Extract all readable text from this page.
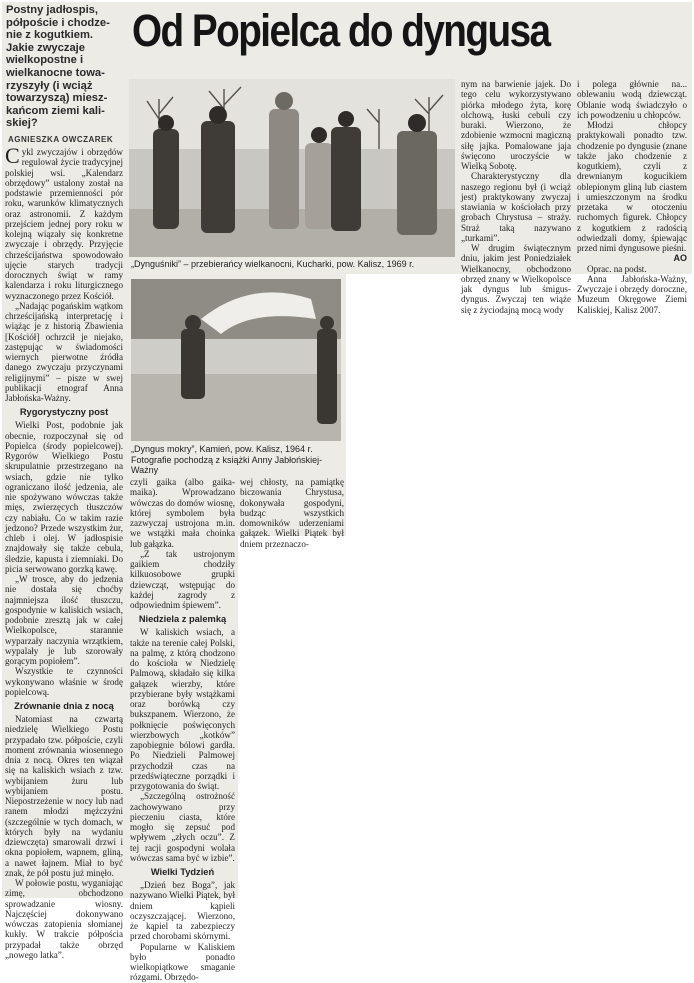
Od Popielca do dyngusa
Postny jadłospis,
półpoście i chodze-
nie z kogutkiem.
Jakie zwyczaje
wielkopostne i
wielkanocne towa-
rzyszyły (i wciąż
towarzyszą) miesz-
kańcom ziemi kali-
skiej?
AGNIESZKA OWCZAREK

Cykl zwyczajów i obrzędów regulował życie tradycyjnej polskiej wsi. „Kalendarz obrzędowy” ustalony został na podstawie przemienności pór roku, warunków klimatycznych oraz astronomii. Z każdym przejściem jednej pory roku w kolejną wiązały się konkretne zwyczaje i obrzędy. Przyjęcie chrześcijaństwa spowodowało ujęcie starych tradycji dorocznych świąt w ramy kalendarza i roku liturgicznego wyznaczonego przez Kościół.

„Nadając pogańskim wątkom chrześcijańską interpretację i wiążąc je z historią Zbawienia [Kościół] ochrzcił je niejako, zastępując w świadomości wiernych pierwotne źródła danego zwyczaju przyczynami religijnymi” – pisze w swej publikacji etnograf Anna Jabłońska-Ważny.

Rygorystyczny post

Wielki Post, podobnie jak obecnie, rozpoczynał się od Popielca (środy popielcowej). Rygorów Wielkiego Postu skrupulatnie przestrzegano na wsiach, gdzie nie tylko ograniczano ilość jedzenia, ale nie spożywano wówczas także mięs, zwierzęcych tłuszczów czy nabiału. Co w takim razie jedzono? Przede wszystkim żur, chleb i olej. W jadłospisie znajdowały się także cebula, śledzie, kapusta i ziemniaki. Do picia serwowano gorzką kawę.

„W trosce, aby do jedzenia nie dostała się choćby najmniejsza ilość tłuszczu, gospodynie w kaliskich wsiach, podobnie zresztą jak w całej Wielkopolsce, starannie wyparzały naczynia wrzątkiem, wypalały je lub szorowały gorącym popiołem”.

Wszystkie te czynności wykonywano właśnie w środę popielcową.

Zrównanie dnia z nocą

Natomiast na czwartą niedzielę Wielkiego Postu przypadało tzw. półpoście, czyli moment zrównania wiosennego dnia z nocą. Okres ten wiązał się na kaliskich wsiach z tzw. wybijaniem żuru lub wybijaniem postu. Niepostrzeżenie w nocy lub nad ranem młodzi mężczyźni (szczególnie w tych domach, w których były na wydaniu dziewczęta) smarowali drzwi i okna popiołem, wapnem, gliną, a nawet łajnem. Miał to być znak, że pół postu już minęło.

W połowie postu, wyganiając zimę, obchodzono sprowadzanie wiosny. Najczęściej dokonywano wówczas zatopienia słomianej kukły. W trakcie półpościa przypadał także obrzęd „nowego latka”.

„Dynguśniki” – przebierańcy wielkanocni, Kucharki, pow. Kalisz, 1969 r.

nym na barwienie jajek. Do tego celu wykorzystywano piórka młodego żyta, korę olchową, łuski cebuli czy buraki. Wierzono, że zdobienie wzmocni magiczną siłę jajka. Pomalowane jaja święcono uroczyście w Wielką Sobotę.

Charakterystyczny dla naszego regionu był (i wciąż jest) praktykowany zwyczaj stawiania w kościołach przy grobach Chrystusa – straży. Straż taką nazywano „turkami”.

W drugim świątecznym dniu, jakim jest Poniedziałek Wielkanocny, obchodzono obrzęd znany w Wielkopolsce jak dyngus lub śmigus-dyngus. Zwyczaj ten wiąże się z życiodajną mocą wody

i polega głównie na... oblewaniu wodą dziewcząt. Oblanie wodą świadczyło o ich powodzeniu u chłopców.

Młodzi chłopcy praktykowali ponadto tzw. chodzenie po dyngusie (znane także jako chodzenie z kogutkiem), czyli z drewnianym kogucikiem oblepionym gliną lub ciastem i umieszczonym na środku przetaka w otoczeniu ruchomych figurek. Chłopcy z kogutkiem z radością odwiedzali domy, śpiewając przed nimi dyngusowe pieśni.

AO

Oprac. na podst.

Anna Jabłońska-Ważny, Zwyczaje i obrzędy doroczne, Muzeum Okręgowe Ziemi Kaliskiej, Kalisz 2007.

„Dyngus mokry”, Kamień, pow. Kalisz, 1964 r. Fotografie pochodzą z książki Anny Jabłońskiej-Ważny

czyli gaika (albo gaika-maika). Wprowadzano wówczas do domów wiosnę, której symbolem była zazwyczaj ustrojona m.in. we wstążki mała choinka lub gałązka.

„Z tak ustrojonym gaikiem chodziły kilkuosobowe grupki dziewcząt, wstępując do każdej zagrody z odpowiednim śpiewem”.

Niedziela z palemką

W kaliskich wsiach, a także na terenie całej Polski, na palmę, z którą chodzono do kościoła w Niedzielę Palmową, składało się kilka gałązek wierzby, które przybierane były wstążkami oraz borówką czy bukszpanem. Wierzono, że połknięcie poświęconych wierzbowych „kotków” zapobiegnie bólowi gardła. Po Niedzieli Palmowej przychodził czas na przedświąteczne porządki i przygotowania do świąt.

„Szczególną ostrożność zachowywano przy pieczeniu ciasta, które mogło się zepsuć pod wpływem „złych oczu”. Z tej racji gospodyni wolała wówczas sama być w izbie”.

Wielki Tydzień

„Dzień bez Boga”, jak nazywano Wielki Piątek, był dniem kąpieli oczyszczającej. Wierzono, że kąpiel ta zabezpieczy przed chorobami skórnymi.

Popularne w Kaliskiem było ponadto wielkopiątkowe smaganie rózgami. Obrzędo-

wej chłosty, na pamiątkę biczowania Chrystusa, dokonywała gospodyni, budząc wszystkich domowników uderzeniami gałązek. Wielki Piątek był dniem przeznaczo-
